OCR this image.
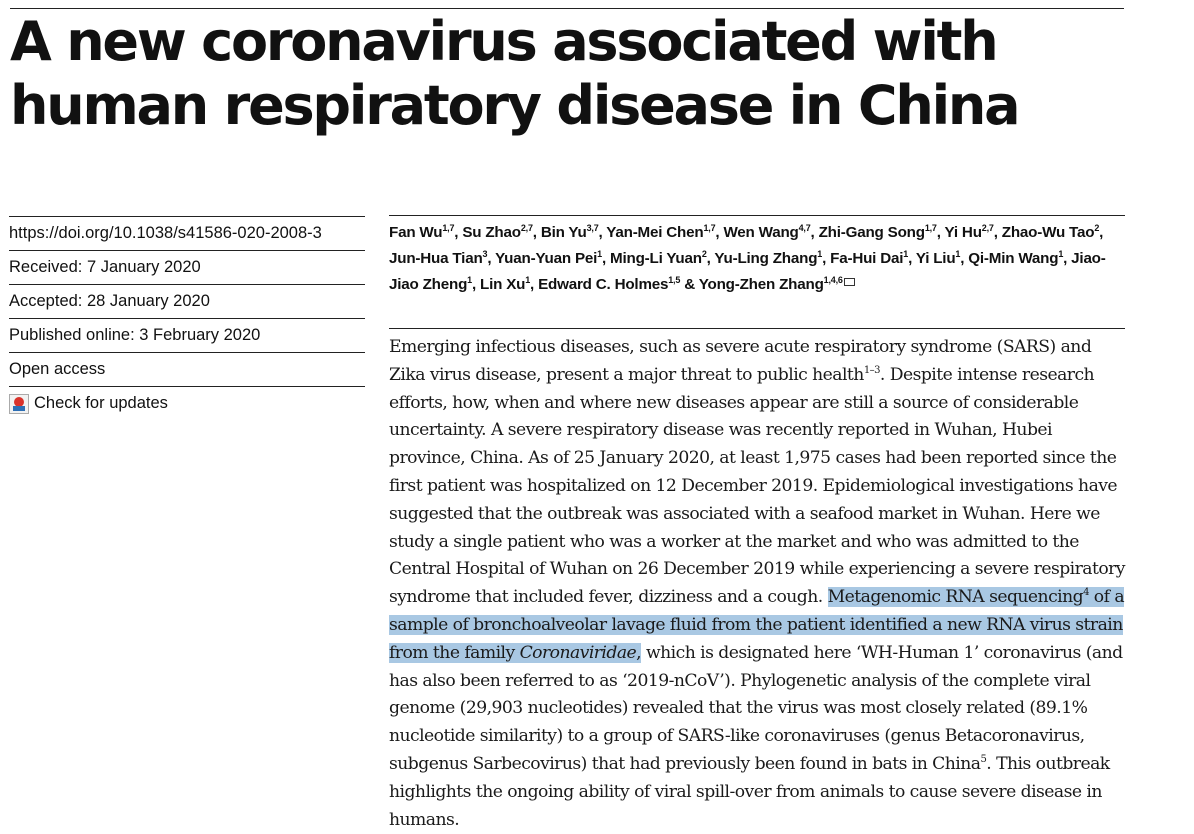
A new coronavirus associated with human respiratory disease in China
https://doi.org/10.1038/s41586-020-2008-3
Received: 7 January 2020
Accepted: 28 January 2020
Published online: 3 February 2020
Open access
Check for updates
Fan Wu$^{1,7}$, Su Zhao$^{2,7}$, Bin Yu$^{3,7}$, Yan-Mei Chen$^{1,7}$, Wen Wang$^{4,7}$, Zhi-Gang Song$^{1,7}$, Yi Hu$^{2,7}$, Zhao-Wu Tao$^2$, Jun-Hua Tian$^3$, Yuan-Yuan Pei$^1$, Ming-Li Yuan$^2$, Yu-Ling Zhang$^1$, Fa-Hui Dai$^1$, Yi Liu$^1$, Qi-Min Wang$^1$, Jiao-Jiao Zheng$^1$, Lin Xu$^1$, Edward C. Holmes$^{1,5}$ & Yong-Zhen Zhang$^{1,4,6}$

Emerging infectious diseases, such as severe acute respiratory syndrome (SARS) and Zika virus disease, present a major threat to public health$^{1-3}$. Despite intense research efforts, how, when and where new diseases appear are still a source of considerable uncertainty. A severe respiratory disease was recently reported in Wuhan, Hubei province, China. As of 25 January 2020, at least 1,975 cases had been reported since the first patient was hospitalized on 12 December 2019. Epidemiological investigations have suggested that the outbreak was associated with a seafood market in Wuhan. Here we study a single patient who was a worker at the market and who was admitted to the Central Hospital of Wuhan on 26 December 2019 while experiencing a severe respiratory syndrome that included fever, dizziness and a cough. Metagenomic RNA sequencing$^4$ of a sample of bronchoalveolar lavage fluid from the patient identified a new RNA virus strain from the family Coronaviridae, which is designated here ‘WH-Human 1’ coronavirus (and has also been referred to as ‘2019-nCoV’). Phylogenetic analysis of the complete viral genome (29,903 nucleotides) revealed that the virus was most closely related (89.1% nucleotide similarity) to a group of SARS-like coronaviruses (genus Betacoronavirus, subgenus Sarbecovirus) that had previously been found in bats in China$^5$. This outbreak highlights the ongoing ability of viral spill-over from animals to cause severe disease in humans.
